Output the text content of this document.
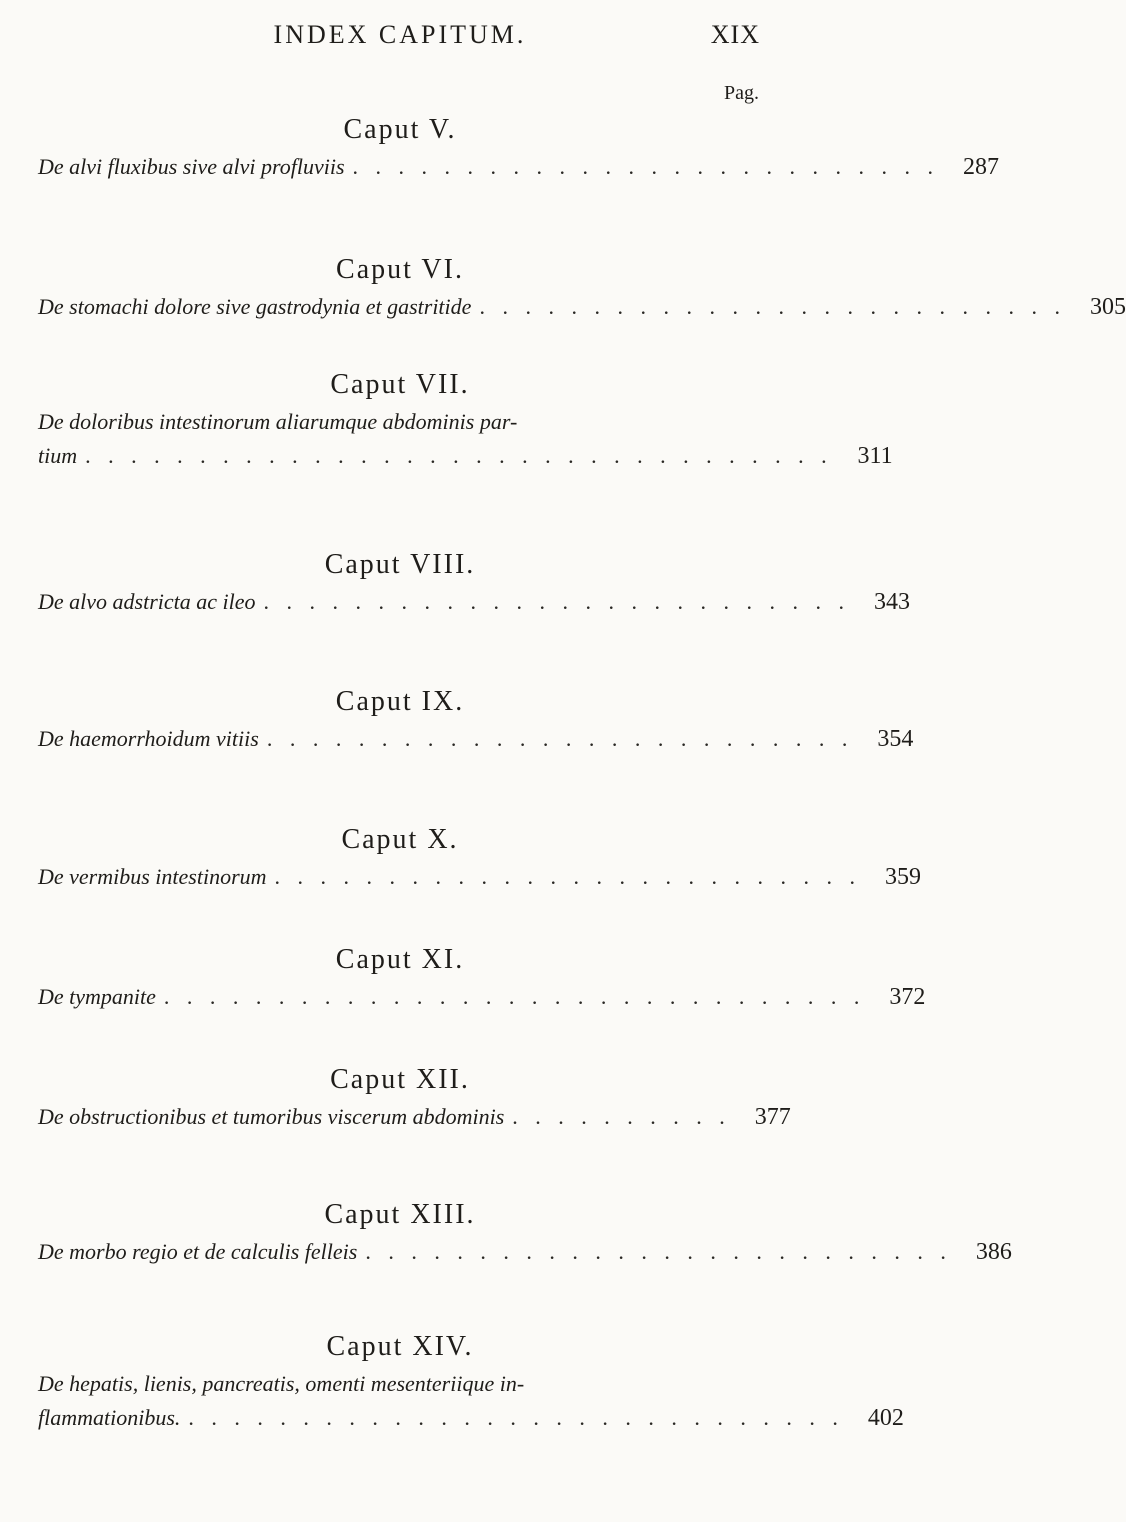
INDEX CAPITUM.	XIX
Pag.
Caput V.
De alvi fluxibus sive alvi profluviis . . . . . . . . . . . . . . . . . . . . . . . . . .	287
Caput VI.
De stomachi dolore sive gastrodynia et gastritide . . . . . . . . . . . . . . . . . . . . . . . . . .	305
Caput VII.
De doloribus intestinorum aliarumque abdominis par-
tium . . . . . . . . . . . . . . . . . . . . . . . . . . . . . . . . .	311
Caput VIII.
De alvo adstricta ac ileo . . . . . . . . . . . . . . . . . . . . . . . . . .	343
Caput IX.
De haemorrhoidum vitiis . . . . . . . . . . . . . . . . . . . . . . . . . .	354
Caput X.
De vermibus intestinorum . . . . . . . . . . . . . . . . . . . . . . . . . .	359
Caput XI.
De tympanite . . . . . . . . . . . . . . . . . . . . . . . . . . . . . . .	372
Caput XII.
De obstructionibus et tumoribus viscerum abdominis . . . . . . . . . .	377
Caput XIII.
De morbo regio et de calculis felleis . . . . . . . . . . . . . . . . . . . . . . . . . .	386
Caput XIV.
De hepatis, lienis, pancreatis, omenti mesenteriique in-
flammationibus. . . . . . . . . . . . . . . . . . . . . . . . . . . . . .	402
